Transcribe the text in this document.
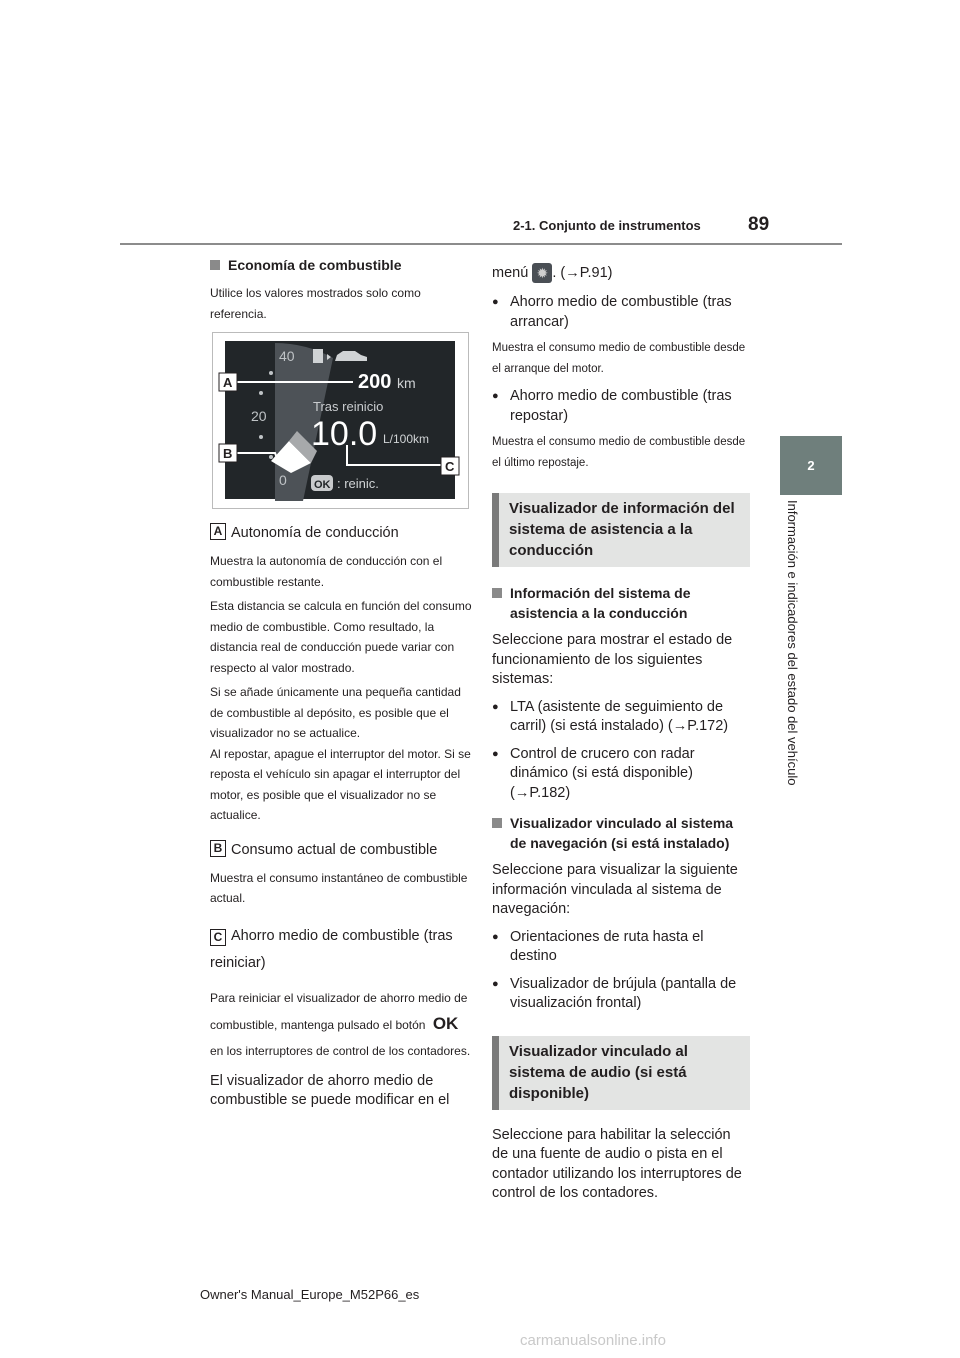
89
2-1. Conjunto de instrumentos
2
Información e indicadores del estado del vehículo
40
20
0
200 km
Tras reinicio
10.0 L/100km
OK : reinic.
A
B
C
Economía de combustible

Utilice los valores mostrados solo como referencia.

A Autonomía de conducción

Muestra la autonomía de conducción con el combustible restante.

Esta distancia se calcula en función del consumo medio de combustible. Como resultado, la distancia real de conducción puede variar con respecto al valor mostrado.

Si se añade únicamente una pequeña cantidad de combustible al depósito, es posible que el visualizador no se actualice.

Al repostar, apague el interruptor del motor. Si se reposta el vehículo sin apagar el interruptor del motor, es posible que el visualizador no se actualice.

B Consumo actual de combustible

Muestra el consumo instantáneo de combustible actual.

C Ahorro medio de combustible (tras reiniciar)

Para reiniciar el visualizador de ahorro medio de combustible, mantenga pulsado el botón OK en los interruptores de control de los contadores.

El visualizador de ahorro medio de combustible se puede modificar en el

menú ✹ . (→P.91)

● Ahorro medio de combustible (tras arrancar)

Muestra el consumo medio de combustible desde el arranque del motor.

● Ahorro medio de combustible (tras repostar)

Muestra el consumo medio de combustible desde el último repostaje.

Visualizador de información del sistema de asistencia a la conducción
Información del sistema de asistencia a la conducción

Seleccione para mostrar el estado de funcionamiento de los siguientes sistemas:

● LTA (asistente de seguimiento de carril) (si está instalado) (→P.172)
● Control de crucero con radar dinámico (si está disponible) (→P.182)
Visualizador vinculado al sistema de navegación (si está instalado)

Seleccione para visualizar la siguiente información vinculada al sistema de navegación:

● Orientaciones de ruta hasta el destino
● Visualizador de brújula (pantalla de visualización frontal)
Visualizador vinculado al sistema de audio (si está disponible)

Seleccione para habilitar la selección de una fuente de audio o pista en el contador utilizando los interruptores de control de los contadores.

Owner's Manual_Europe_M52P66_es
carmanualsonline.info
